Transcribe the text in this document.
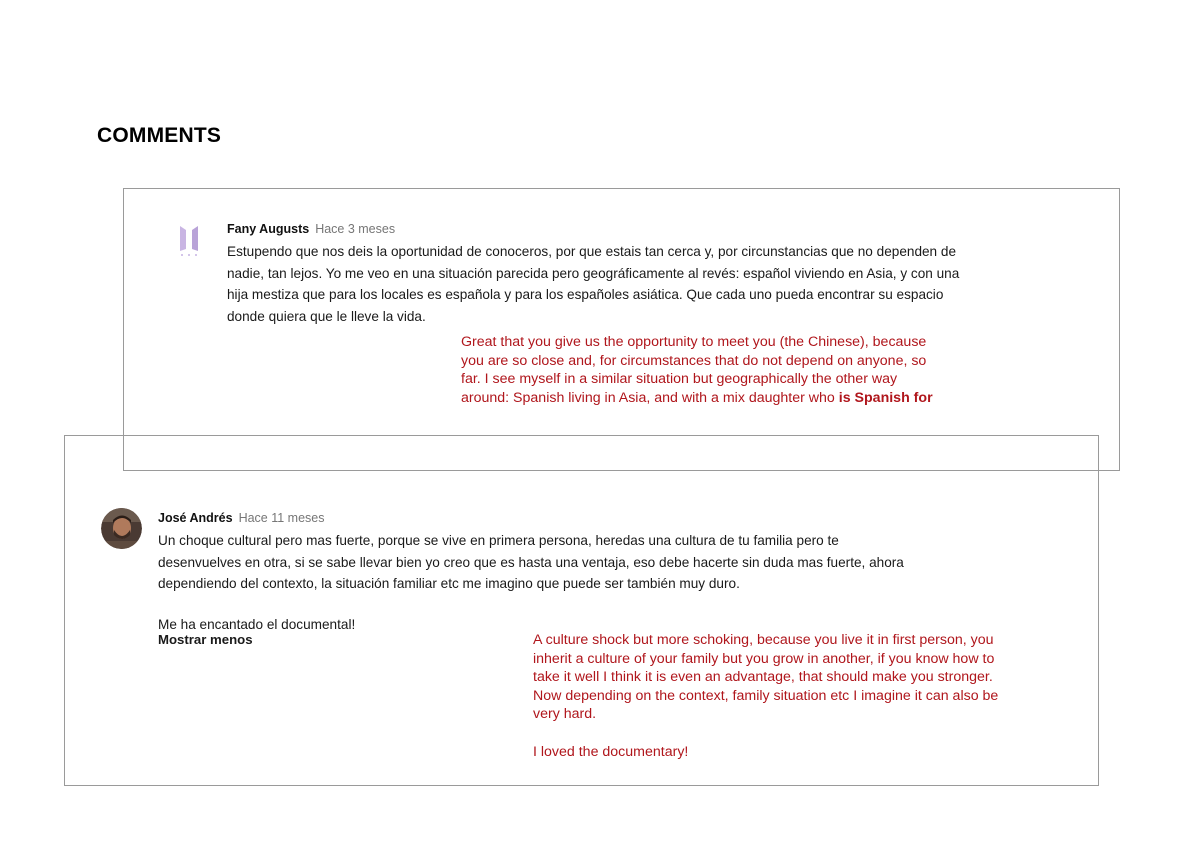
COMMENTS
Fany Augusts Hace 3 meses

Estupendo que nos deis la oportunidad de conoceros, por que estais tan cerca y, por circunstancias que no dependen de
nadie, tan lejos. Yo me veo en una situación parecida pero geográficamente al revés: español viviendo en Asia, y con una
hija mestiza que para los locales es española y para los españoles asiática. Que cada uno pueda encontrar su espacio
donde quiera que le lleve la vida.

Great that you give us the opportunity to meet you (the Chinese), because
you are so close and, for circumstances that do not depend on anyone, so
far. I see myself in a similar situation but geographically the other way
around: Spanish living in Asia, and with a mix daughter who is Spanish for

José Andrés Hace 11 meses

Un choque cultural pero mas fuerte, porque se vive en primera persona, heredas una cultura de tu familia pero te
desenvuelves en otra, si se sabe llevar bien yo creo que es hasta una ventaja, eso debe hacerte sin duda mas fuerte, ahora
dependiendo del contexto, la situación familiar etc me imagino que puede ser también muy duro.
Me ha encantado el documental!

Mostrar menos	A culture shock but more schoking, because you live it in first person, you
inherit a culture of your family but you grow in another, if you know how to
take it well I think it is even an advantage, that should make you stronger.
Now depending on the context, family situation etc I imagine it can also be
very hard.
I loved the documentary!
